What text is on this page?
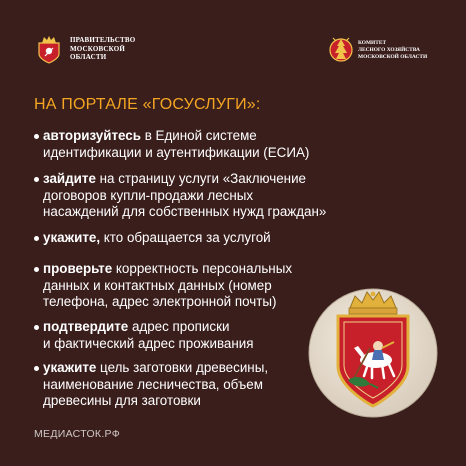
ПРАВИТЕЛЬСТВО
МОСКОВСКОЙ
ОБЛАСТИ
КОМИТЕТ
ЛЕСНОГО ХОЗЯЙСТВА
МОСКОВСКОЙ ОБЛАСТИ
НА ПОРТАЛЕ «ГОСУСЛУГИ»:
авторизуйтесь в Единой системе
идентификации и аутентификации (ЕСИА)
зайдите на страницу услуги «Заключение
договоров купли-продажи лесных
насаждений для собственных нужд граждан»
укажите, кто обращается за услугой
проверьте корректность персональных
данных и контактных данных (номер
телефона, адрес электронной почты)
подтвердите адрес прописки
и фактический адрес проживания
укажите цель заготовки древесины,
наименование лесничества, объем
древесины для заготовки
МЕДИАСТОК.РФ
